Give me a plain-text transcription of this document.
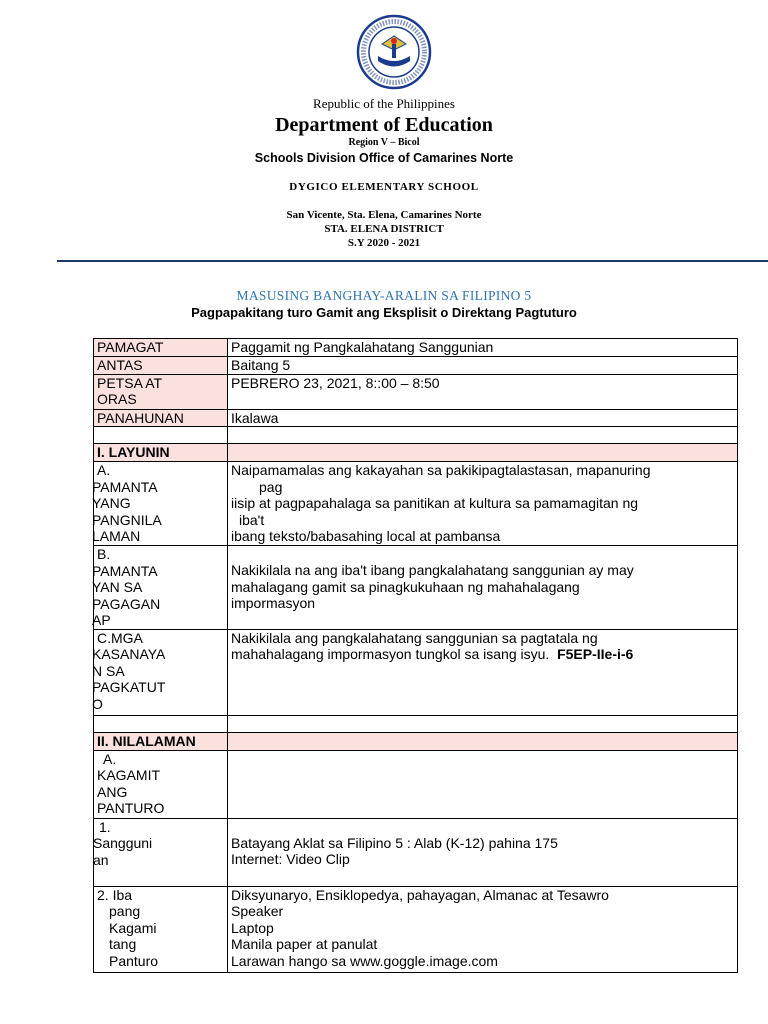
Republic of the Philippines
Department of Education
Region V – Bicol
Schools Division Office of Camarines Norte
DYGICO ELEMENTARY SCHOOL
San Vicente, Sta. Elena, Camarines Norte
STA. ELENA DISTRICT
S.Y 2020 - 2021
MASUSING BANGHAY-ARALIN SA FILIPINO 5
Pagpapakitang turo Gamit ang Eksplisit o Direktang Pagtuturo
PAMAGAT	Paggamit ng Pangkalahatang Sanggunian
ANTAS	Baitang 5

PETSA AT
ORAS	PEBRERO 23, 2021, 8::00 – 8:50
PANAHUNAN	Ikalawa

I. LAYUNIN	

A.
PAMANTA
YANG
PANGNILA
LAMAN	Naipamamalas ang kakayahan sa pakikipagtalastasan, mapanuring
pag
iisip at pagpapahalaga sa panitikan at kultura sa pamamagitan ng
iba't
ibang teksto/babasahing local at pambansa

B.
PAMANTA
YAN SA
PAGAGAN
AP	Nakikilala na ang iba't ibang pangkalahatang sanggunian ay may
mahalagang gamit sa pinagkukuhaan ng mahahalagang
impormasyon

C.MGA
KASANAYA
N SA
PAGKATUT
O	Nakikilala ang pangkalahatang sanggunian sa pagtatala ng
mahahalagang impormasyon tungkol sa isang isyu. F5EP-IIe-i-6

II. NILALAMAN	

A.
KAGAMIT
ANG
PANTURO	

1.
Sangguni
an	Batayang Aklat sa Filipino 5 : Alab (K-12) pahina 175
Internet: Video Clip

2. Iba
pang
Kagami
tang
Panturo	Diksyunaryo, Ensiklopedya, pahayagan, Almanac at Tesawro
Speaker
Laptop
Manila paper at panulat
Larawan hango sa www.goggle.image.com
